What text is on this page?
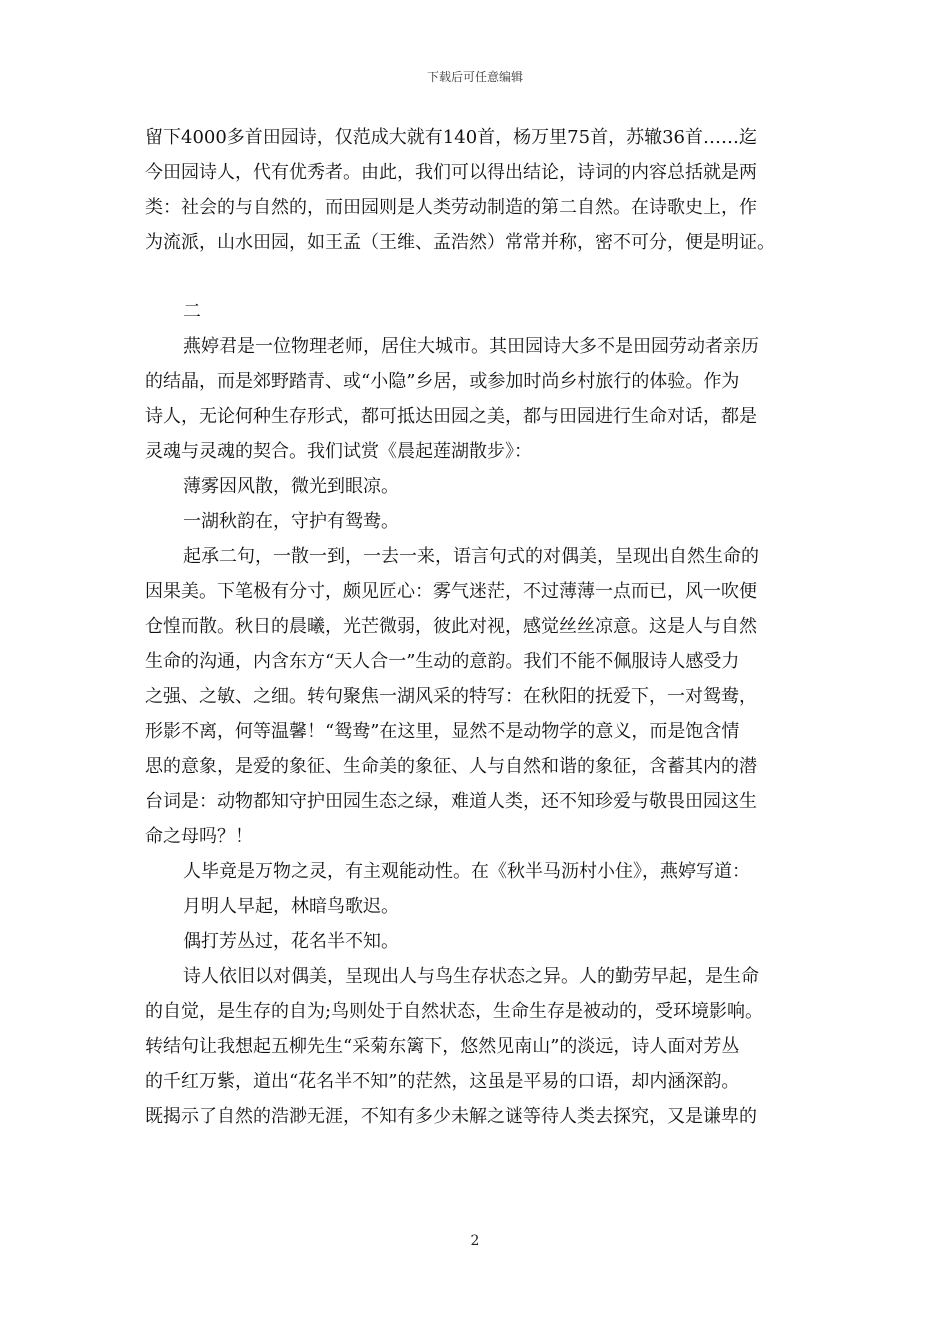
下载后可任意编辑
留下4000多首田园诗，仅范成大就有140首，杨万里75首，苏辙36首……迄
今田园诗人，代有优秀者。由此，我们可以得出结论，诗词的内容总括就是两
类：社会的与自然的，而田园则是人类劳动制造的第二自然。在诗歌史上，作
为流派，山水田园，如王孟（王维、孟浩然）常常并称，密不可分，便是明证。
二
燕婷君是一位物理老师，居住大城市。其田园诗大多不是田园劳动者亲历
的结晶，而是郊野踏青、或“小隐”乡居，或参加时尚乡村旅行的体验。作为
诗人，无论何种生存形式，都可抵达田园之美，都与田园进行生命对话，都是
灵魂与灵魂的契合。我们试赏《晨起莲湖散步》：
薄雾因风散，微光到眼凉。
一湖秋韵在，守护有鸳鸯。
起承二句，一散一到，一去一来，语言句式的对偶美，呈现出自然生命的
因果美。下笔极有分寸，颇见匠心：雾气迷茫，不过薄薄一点而已，风一吹便
仓惶而散。秋日的晨曦，光芒微弱，彼此对视，感觉丝丝凉意。这是人与自然
生命的沟通，内含东方“天人合一”生动的意韵。我们不能不佩服诗人感受力
之强、之敏、之细。转句聚焦一湖风采的特写：在秋阳的抚爱下，一对鸳鸯，
形影不离，何等温馨！“鸳鸯”在这里，显然不是动物学的意义，而是饱含情
思的意象，是爱的象征、生命美的象征、人与自然和谐的象征，含蓄其内的潜
台词是：动物都知守护田园生态之绿，难道人类，还不知珍爱与敬畏田园这生
命之母吗？！
人毕竟是万物之灵，有主观能动性。在《秋半马沥村小住》，燕婷写道：
月明人早起，林暗鸟歌迟。
偶打芳丛过，花名半不知。
诗人依旧以对偶美，呈现出人与鸟生存状态之异。人的勤劳早起，是生命
的自觉，是生存的自为;鸟则处于自然状态，生命生存是被动的，受环境影响。
转结句让我想起五柳先生“采菊东篱下，悠然见南山”的淡远，诗人面对芳丛
的千红万紫，道出“花名半不知”的茫然，这虽是平易的口语，却内涵深韵。
既揭示了自然的浩渺无涯，不知有多少未解之谜等待人类去探究，又是谦卑的
2
